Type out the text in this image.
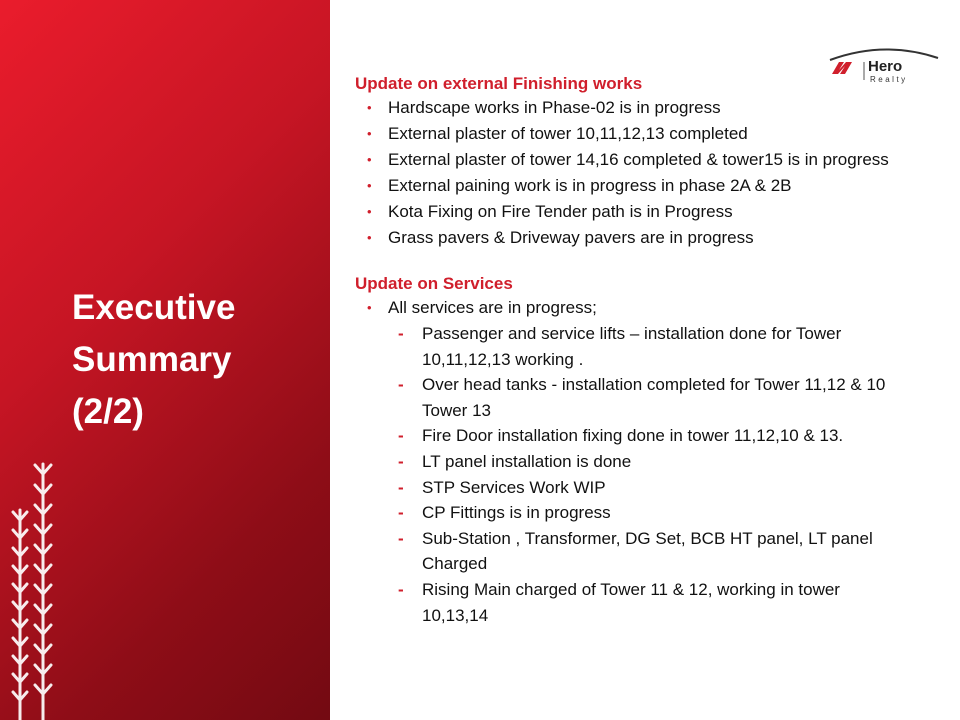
Executive
Summary
(2/2)
Hero
Realty
Update on external Finishing works
• Hardscape works in Phase-02 is in progress
• External plaster of tower 10,11,12,13 completed
• External plaster of tower 14,16 completed & tower15 is in progress
• External paining work is in progress in phase 2A & 2B
• Kota Fixing on Fire Tender path is in Progress
• Grass pavers & Driveway pavers are in progress
Update on Services
• All services are in progress;
- Passenger and service lifts – installation done for Tower 10,11,12,13 working .
- Over head tanks - installation completed for Tower 11,12 & 10 Tower 13
- Fire Door installation fixing done in tower 11,12,10 & 13.
- LT panel installation is done
- STP Services Work WIP
- CP Fittings is in progress
- Sub-Station , Transformer, DG Set, BCB HT panel, LT panel Charged
- Rising Main charged of Tower 11 & 12, working in tower 10,13,14
